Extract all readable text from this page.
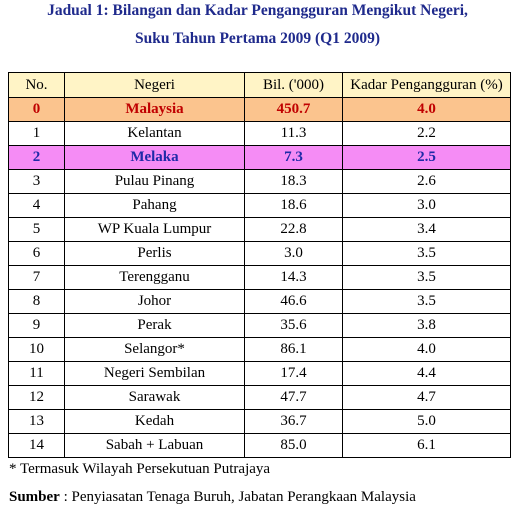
Jadual 1: Bilangan dan Kadar Pengangguran Mengikut Negeri,
Suku Tahun Pertama 2009 (Q1 2009)
No.	Negeri	Bil. ('000)	Kadar Pengangguran (%)
0	Malaysia	450.7	4.0
1	Kelantan	11.3	2.2
2	Melaka	7.3	2.5
3	Pulau Pinang	18.3	2.6
4	Pahang	18.6	3.0
5	WP Kuala Lumpur	22.8	3.4
6	Perlis	3.0	3.5
7	Terengganu	14.3	3.5
8	Johor	46.6	3.5
9	Perak	35.6	3.8
10	Selangor*	86.1	4.0
11	Negeri Sembilan	17.4	4.4
12	Sarawak	47.7	4.7
13	Kedah	36.7	5.0
14	Sabah + Labuan	85.0	6.1
* Termasuk Wilayah Persekutuan Putrajaya
Sumber : Penyiasatan Tenaga Buruh, Jabatan Perangkaan Malaysia
